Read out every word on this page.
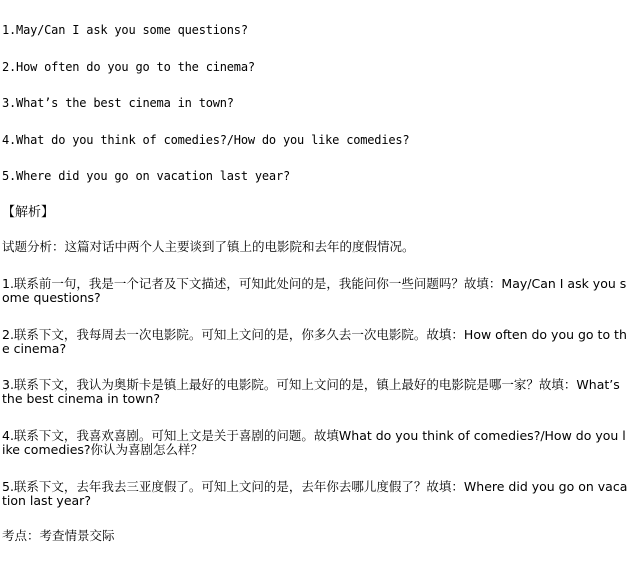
1.May/Can I ask you some questions?
2.How often do you go to the cinema?
3.What’s the best cinema in town?
4.What do you think of comedies?/How do you like comedies?
5.Where did you go on vacation last year?
【解析】
试题分析：这篇对话中两个人主要谈到了镇上的电影院和去年的度假情况。
1.联系前一句，我是一个记者及下文描述，可知此处问的是，我能问你一些问题吗？故填：May/Can I ask you some questions?
2.联系下文，我每周去一次电影院。可知上文问的是，你多久去一次电影院。故填：How often do you go to the cinema?
3.联系下文，我认为奥斯卡是镇上最好的电影院。可知上文问的是，镇上最好的电影院是哪一家？故填：What’s the best cinema in town?
4.联系下文，我喜欢喜剧。可知上文是关于喜剧的问题。故填What do you think of comedies?/How do you like comedies?你认为喜剧怎么样？
5.联系下文，去年我去三亚度假了。可知上文问的是，去年你去哪儿度假了？故填：Where did you go on vacation last year?
考点：考查情景交际
